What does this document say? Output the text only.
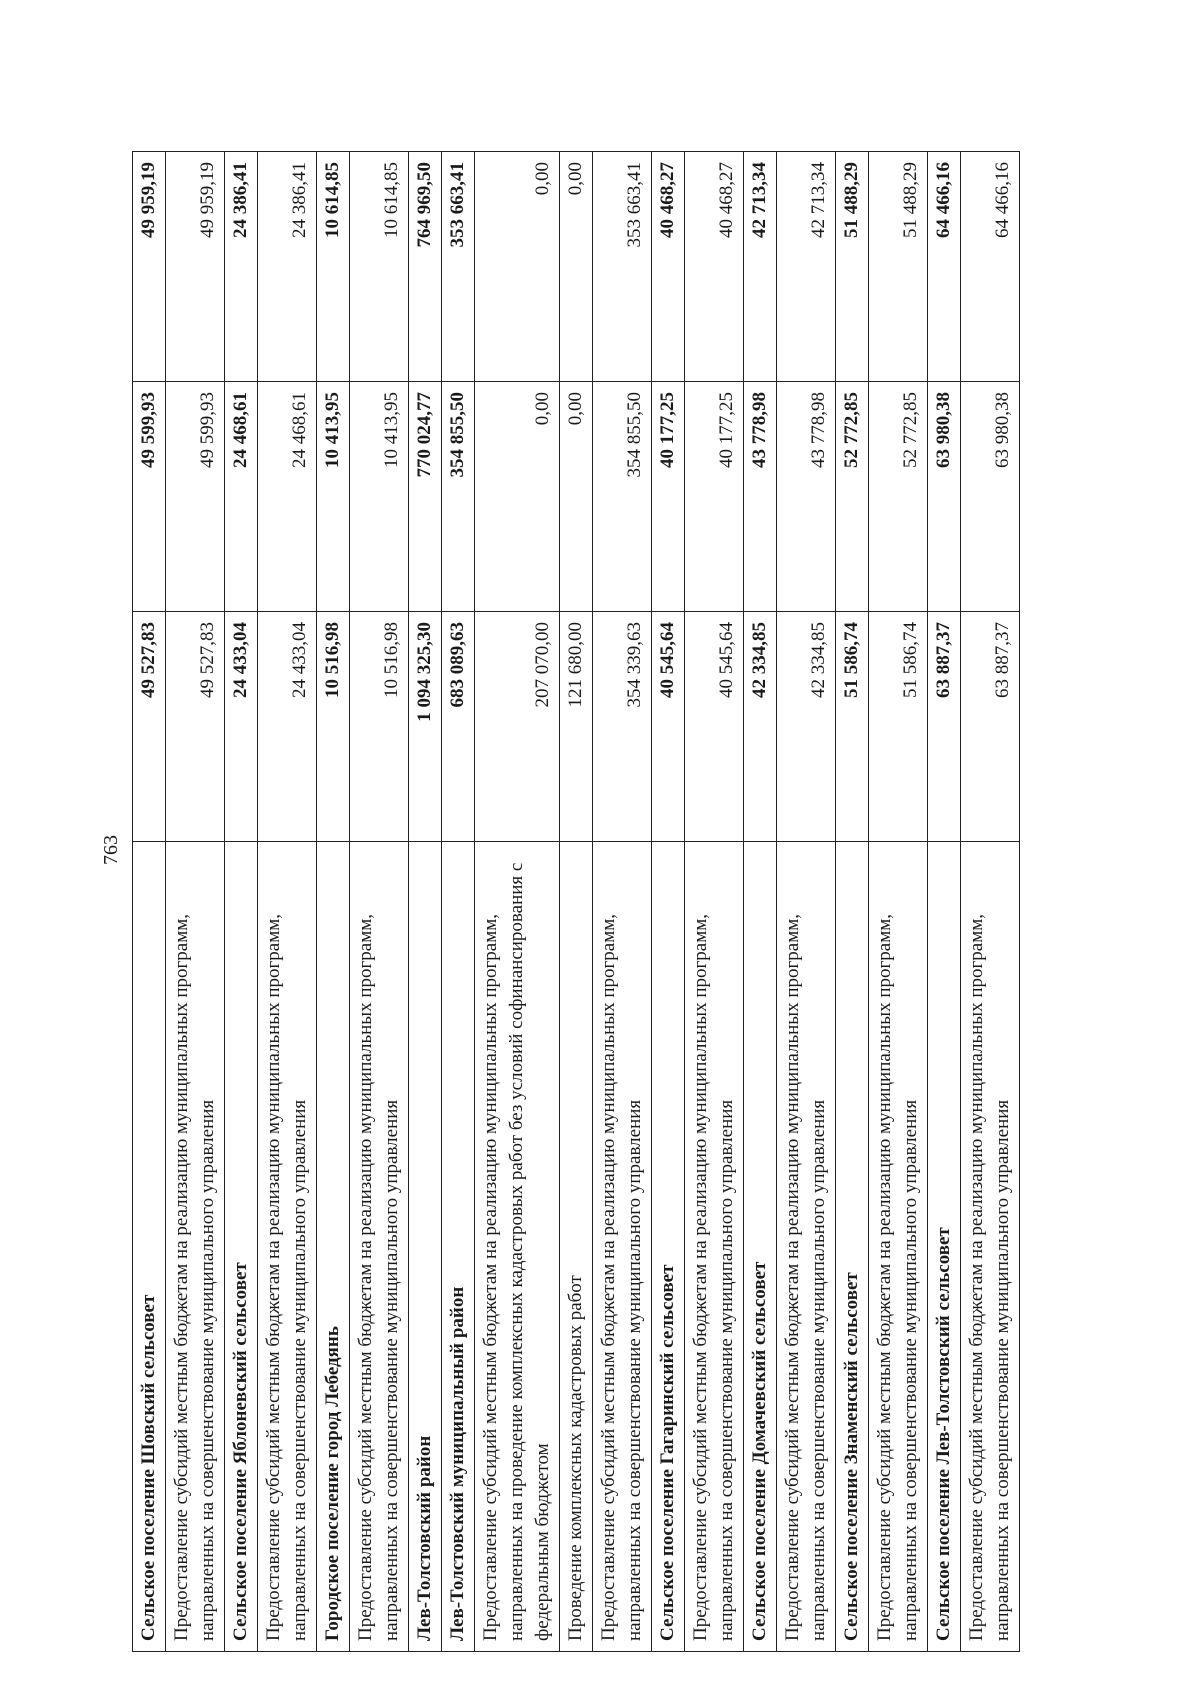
763
Сельское поселение Шовский сельсовет	49 527,83	49 599,93	49 959,19
Предоставление субсидий местным бюджетам на реализацию муниципальных программ, направленных на совершенствование муниципального управления	49 527,83	49 599,93	49 959,19
Сельское поселение Яблоневский сельсовет	24 433,04	24 468,61	24 386,41
Предоставление субсидий местным бюджетам на реализацию муниципальных программ, направленных на совершенствование муниципального управления	24 433,04	24 468,61	24 386,41
Городское поселение город Лебедянь	10 516,98	10 413,95	10 614,85
Предоставление субсидий местным бюджетам на реализацию муниципальных программ, направленных на совершенствование муниципального управления	10 516,98	10 413,95	10 614,85
Лев-Толстовский район	1 094 325,30	770 024,77	764 969,50
Лев-Толстовский муниципальный район	683 089,63	354 855,50	353 663,41
Предоставление субсидий местным бюджетам на реализацию муниципальных программ, направленных на проведение комплексных кадастровых работ без условий софинансирования с федеральным бюджетом	207 070,00	0,00	0,00
Проведение комплексных кадастровых работ	121 680,00	0,00	0,00
Предоставление субсидий местным бюджетам на реализацию муниципальных программ, направленных на совершенствование муниципального управления	354 339,63	354 855,50	353 663,41
Сельское поселение Гагаринский сельсовет	40 545,64	40 177,25	40 468,27
Предоставление субсидий местным бюджетам на реализацию муниципальных программ, направленных на совершенствование муниципального управления	40 545,64	40 177,25	40 468,27
Сельское поселение Домачевский сельсовет	42 334,85	43 778,98	42 713,34
Предоставление субсидий местным бюджетам на реализацию муниципальных программ, направленных на совершенствование муниципального управления	42 334,85	43 778,98	42 713,34
Сельское поселение Знаменский сельсовет	51 586,74	52 772,85	51 488,29
Предоставление субсидий местным бюджетам на реализацию муниципальных программ, направленных на совершенствование муниципального управления	51 586,74	52 772,85	51 488,29
Сельское поселение Лев-Толстовский сельсовет	63 887,37	63 980,38	64 466,16
Предоставление субсидий местным бюджетам на реализацию муниципальных программ, направленных на совершенствование муниципального управления	63 887,37	63 980,38	64 466,16
